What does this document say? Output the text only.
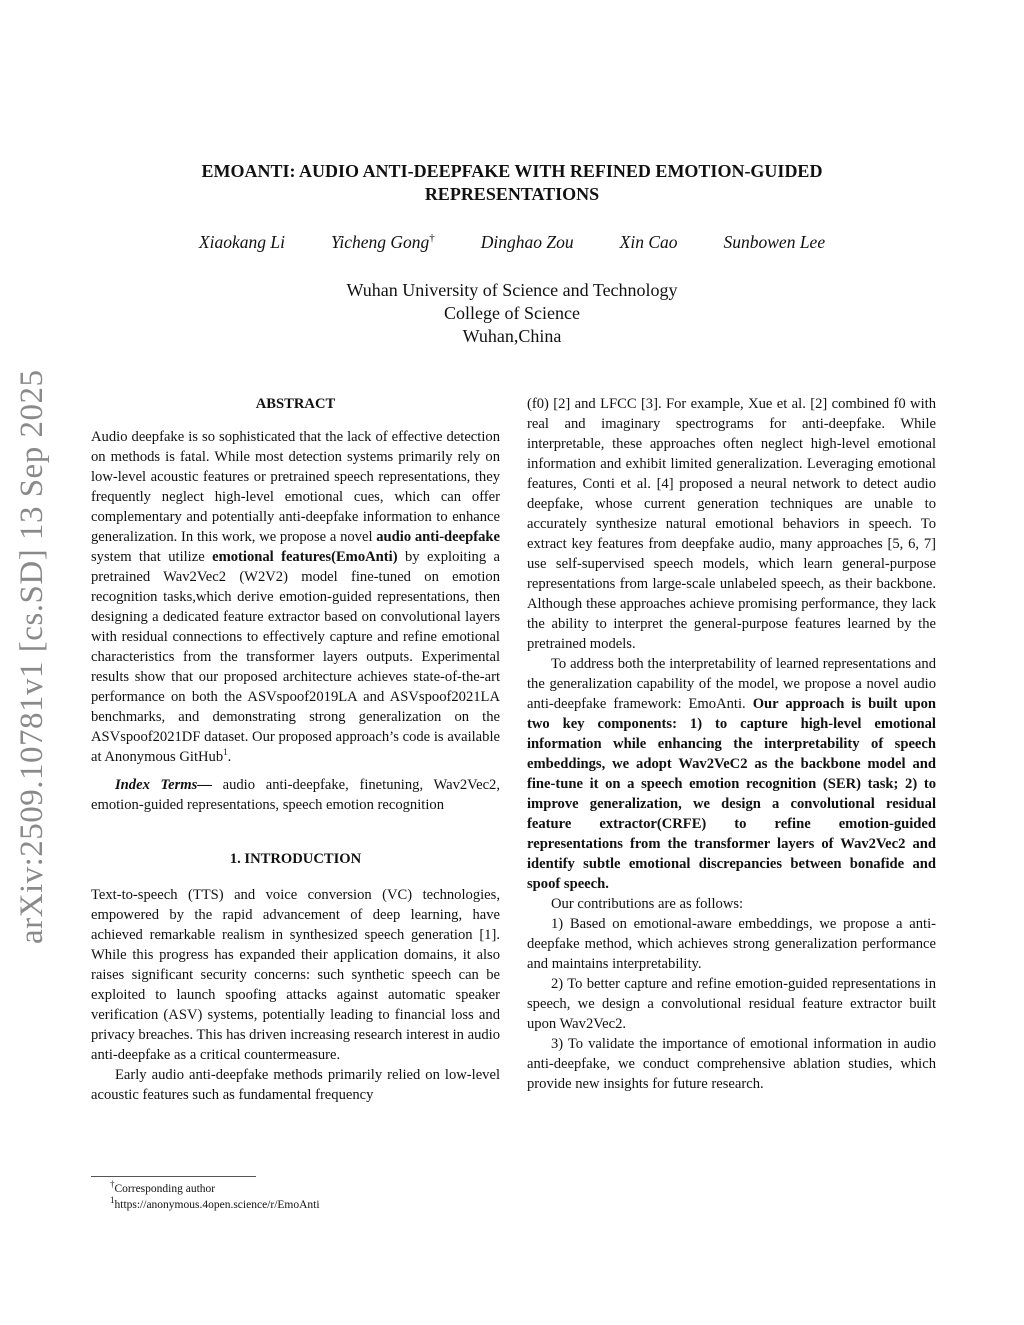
arXiv:2509.10781v1 [cs.SD] 13 Sep 2025
EMOANTI: AUDIO ANTI-DEEPFAKE WITH REFINED EMOTION-GUIDED
REPRESENTATIONS
Xiaokang Li	Yicheng Gong†	Dinghao Zou	Xin Cao	Sunbowen Lee
Wuhan University of Science and Technology
College of Science
Wuhan,China
ABSTRACT

Audio deepfake is so sophisticated that the lack of effective detection on methods is fatal. While most detection systems primarily rely on low-level acoustic features or pretrained speech representations, they frequently neglect high-level emotional cues, which can offer complementary and potentially anti-deepfake information to enhance generalization. In this work, we propose a novel audio anti-deepfake system that utilize emotional features(EmoAnti) by exploiting a pretrained Wav2Vec2 (W2V2) model fine-tuned on emotion recognition tasks,which derive emotion-guided representations, then designing a dedicated feature extractor based on convolutional layers with residual connections to effectively capture and refine emotional characteristics from the transformer layers outputs. Experimental results show that our proposed architecture achieves state-of-the-art performance on both the ASVspoof2019LA and ASVspoof2021LA benchmarks, and demonstrating strong generalization on the ASVspoof2021DF dataset. Our proposed approach’s code is available at Anonymous GitHub$^1$.

Index Terms— audio anti-deepfake, finetuning, Wav2Vec2, emotion-guided representations, speech emotion recognition

1. INTRODUCTION

Text-to-speech (TTS) and voice conversion (VC) technologies, empowered by the rapid advancement of deep learning, have achieved remarkable realism in synthesized speech generation [1]. While this progress has expanded their application domains, it also raises significant security concerns: such synthetic speech can be exploited to launch spoofing attacks against automatic speaker verification (ASV) systems, potentially leading to financial loss and privacy breaches. This has driven increasing research interest in audio anti-deepfake as a critical countermeasure.

Early audio anti-deepfake methods primarily relied on low-level acoustic features such as fundamental frequency

(f0) [2] and LFCC [3]. For example, Xue et al. [2] combined f0 with real and imaginary spectrograms for anti-deepfake. While interpretable, these approaches often neglect high-level emotional information and exhibit limited generalization. Leveraging emotional features, Conti et al. [4] proposed a neural network to detect audio deepfake, whose current generation techniques are unable to accurately synthesize natural emotional behaviors in speech. To extract key features from deepfake audio, many approaches [5, 6, 7] use self-supervised speech models, which learn general-purpose representations from large-scale unlabeled speech, as their backbone. Although these approaches achieve promising performance, they lack the ability to interpret the general-purpose features learned by the pretrained models.

To address both the interpretability of learned representations and the generalization capability of the model, we propose a novel audio anti-deepfake framework: EmoAnti. Our approach is built upon two key components: 1) to capture high-level emotional information while enhancing the interpretability of speech embeddings, we adopt Wav2VeC2 as the backbone model and fine-tune it on a speech emotion recognition (SER) task; 2) to improve generalization, we design a convolutional residual feature extractor(CRFE) to refine emotion-guided representations from the transformer layers of Wav2Vec2 and identify subtle emotional discrepancies between bonafide and spoof speech.

Our contributions are as follows:

1) Based on emotional-aware embeddings, we propose a anti-deepfake method, which achieves strong generalization performance and maintains interpretability.

2) To better capture and refine emotion-guided representations in speech, we design a convolutional residual feature extractor built upon Wav2Vec2.

3) To validate the importance of emotional information in audio anti-deepfake, we conduct comprehensive ablation studies, which provide new insights for future research.

†Corresponding author
$^1$https://anonymous.4open.science/r/EmoAnti
